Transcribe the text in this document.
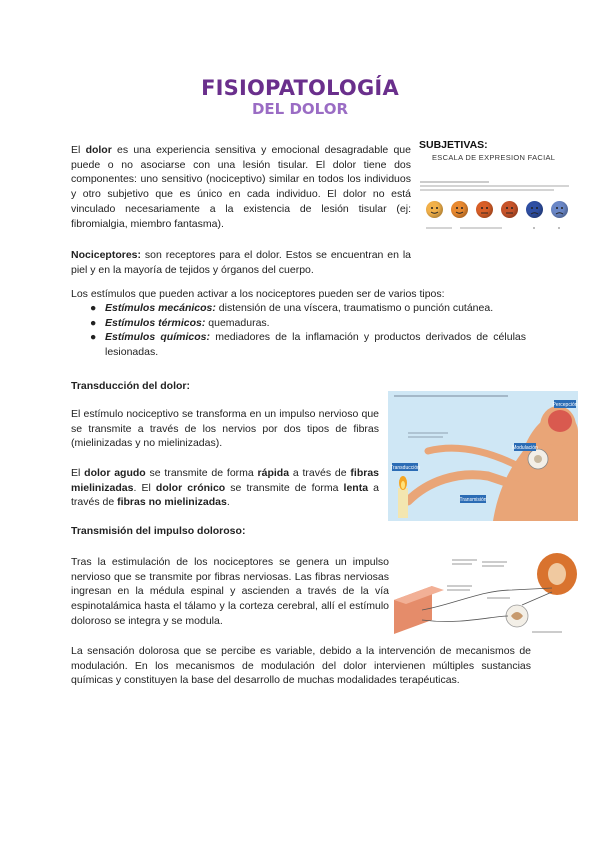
FISIOPATOLOGÍA
DEL DOLOR
El dolor es una experiencia sensitiva y emocional desagradable que puede o no asociarse con una lesión tisular. El dolor tiene dos componentes: uno sensitivo (nociceptivo) similar en todos los individuos y otro subjetivo que es único en cada individuo. El dolor no está vinculado necesariamente a la existencia de lesión tisular (ej: fibromialgia, miembro fantasma).
SUBJETIVAS:
ESCALA DE EXPRESION FACIAL
Nociceptores: son receptores para el dolor. Estos se encuentran en la piel y en la mayoría de tejidos y órganos del cuerpo.
Los estímulos que pueden activar a los nociceptores pueden ser de varios tipos:
● Estímulos mecánicos: distensión de una víscera, traumatismo o punción cutánea.
● Estímulos térmicos: quemaduras.
● Estímulos químicos: mediadores de la inflamación y productos derivados de células lesionadas.
Transducción del dolor:
El estímulo nociceptivo se transforma en un impulso nervioso que se transmite a través de los nervios por dos tipos de fibras (mielinizadas y no mielinizadas).
El dolor agudo se transmite de forma rápida a través de fibras mielinizadas. El dolor crónico se transmite de forma lenta a través de fibras no mielinizadas.
Percepción
Modulación
Transducción
Transmisión
Transmisión del impulso doloroso:
Tras la estimulación de los nociceptores se genera un impulso nervioso que se transmite por fibras nerviosas. Las fibras nerviosas ingresan en la médula espinal y ascienden a través de la vía espinotalámica hasta el tálamo y la corteza cerebral, allí el estímulo doloroso se integra y se modula.
La sensación dolorosa que se percibe es variable, debido a la intervención de mecanismos de modulación. En los mecanismos de modulación del dolor intervienen múltiples sustancias químicas y constituyen la base del desarrollo de muchas modalidades terapéuticas.
